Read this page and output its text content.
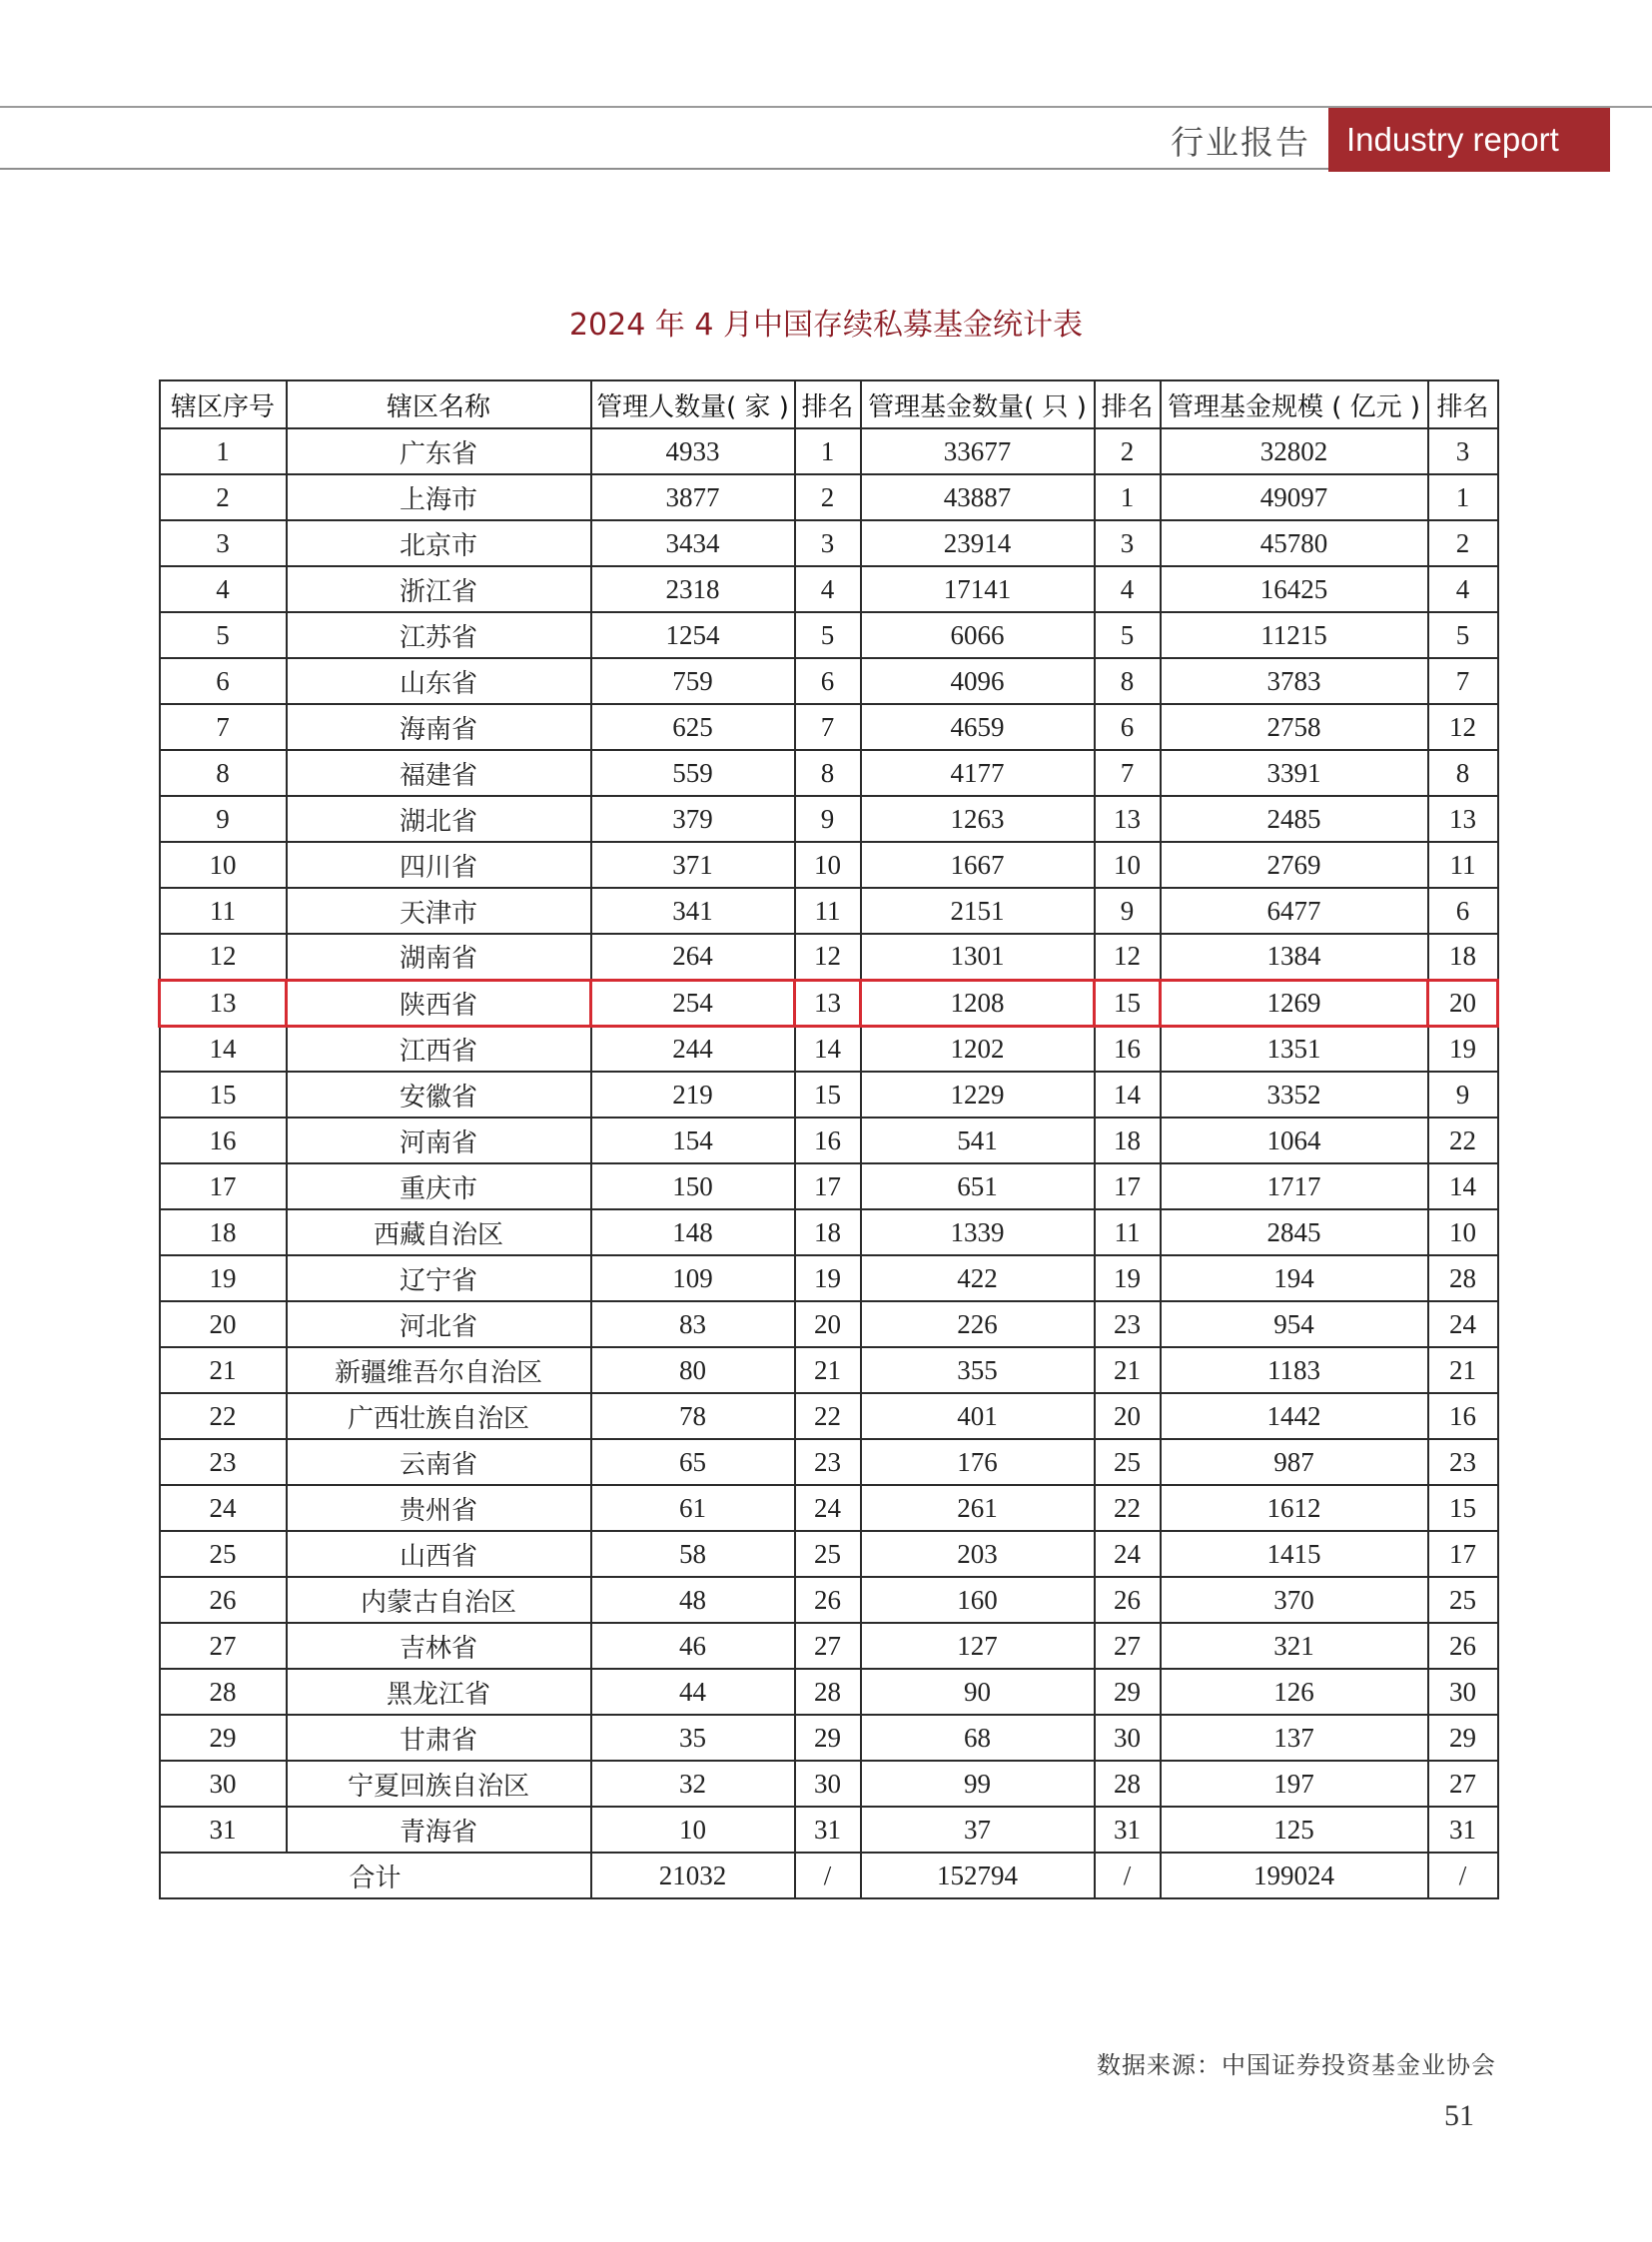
行业报告	Industry report
2024 年 4 月中国存续私募基金统计表
辖区序号	辖区名称	管理人数量( 家 )	排名	管理基金数量( 只 )	排名	管理基金规模 ( 亿元 )	排名
1	广东省	4933	1	33677	2	32802	3
2	上海市	3877	2	43887	1	49097	1
3	北京市	3434	3	23914	3	45780	2
4	浙江省	2318	4	17141	4	16425	4
5	江苏省	1254	5	6066	5	11215	5
6	山东省	759	6	4096	8	3783	7
7	海南省	625	7	4659	6	2758	12
8	福建省	559	8	4177	7	3391	8
9	湖北省	379	9	1263	13	2485	13
10	四川省	371	10	1667	10	2769	11
11	天津市	341	11	2151	9	6477	6
12	湖南省	264	12	1301	12	1384	18
13	陕西省	254	13	1208	15	1269	20
14	江西省	244	14	1202	16	1351	19
15	安徽省	219	15	1229	14	3352	9
16	河南省	154	16	541	18	1064	22
17	重庆市	150	17	651	17	1717	14
18	西藏自治区	148	18	1339	11	2845	10
19	辽宁省	109	19	422	19	194	28
20	河北省	83	20	226	23	954	24
21	新疆维吾尔自治区	80	21	355	21	1183	21
22	广西壮族自治区	78	22	401	20	1442	16
23	云南省	65	23	176	25	987	23
24	贵州省	61	24	261	22	1612	15
25	山西省	58	25	203	24	1415	17
26	内蒙古自治区	48	26	160	26	370	25
27	吉林省	46	27	127	27	321	26
28	黑龙江省	44	28	90	29	126	30
29	甘肃省	35	29	68	30	137	29
30	宁夏回族自治区	32	30	99	28	197	27
31	青海省	10	31	37	31	125	31
合计		21032	/	152794	/	199024	/
数据来源：中国证券投资基金业协会
51
